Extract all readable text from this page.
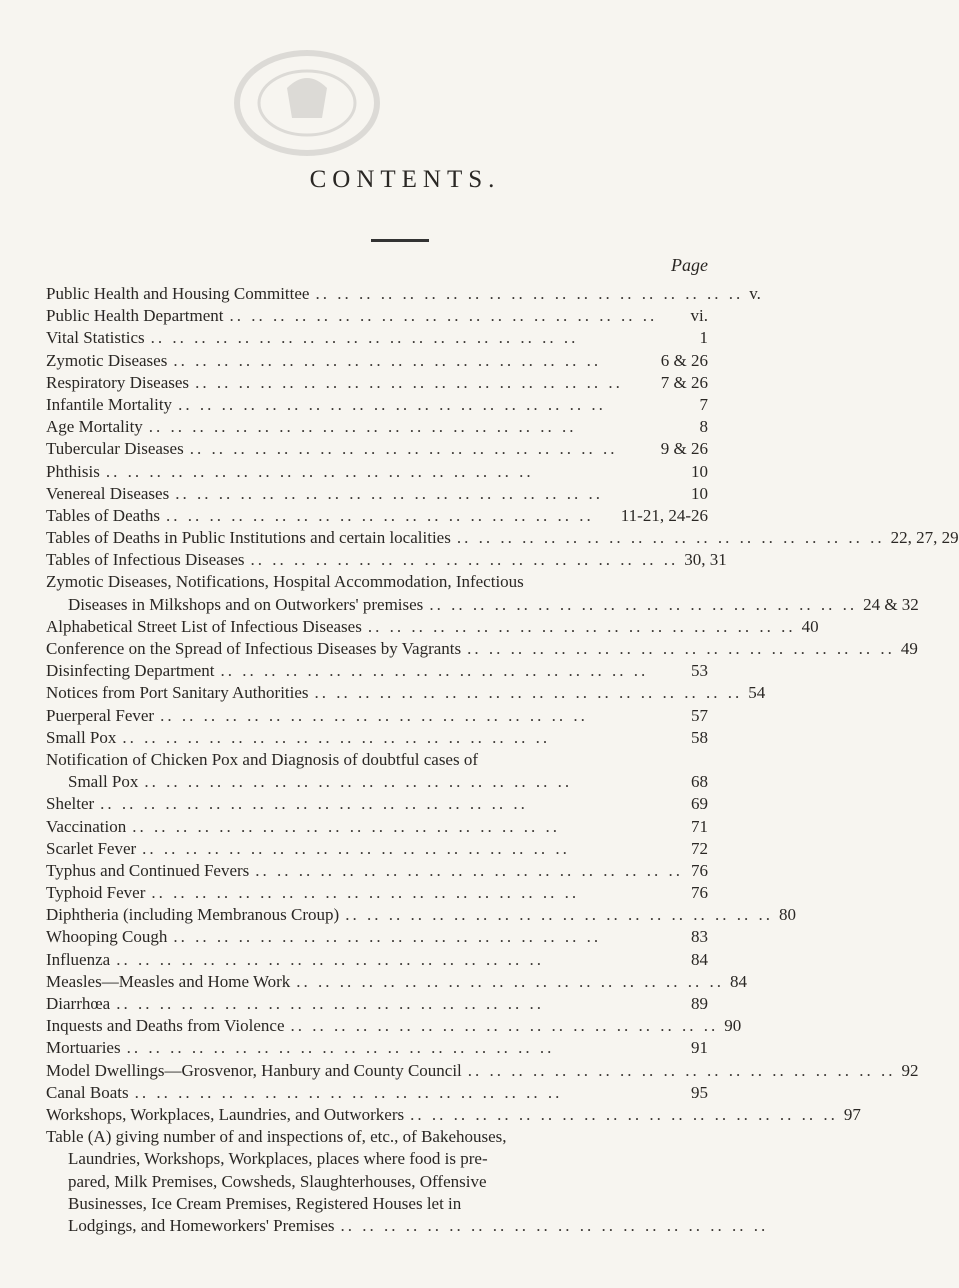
CONTENTS.
Page
Public Health and Housing Committee .. .. .. .. .. .. .. .. .. .. .. .. .. .. .. .. .. .. .. .. v.
Public Health Department .. .. .. .. .. .. .. .. .. .. .. .. .. .. .. .. .. .. .. ..	vi.
Vital Statistics .. .. .. .. .. .. .. .. .. .. .. .. .. .. .. .. .. .. .. ..	1
Zymotic Diseases .. .. .. .. .. .. .. .. .. .. .. .. .. .. .. .. .. .. .. ..	6 & 26
Respiratory Diseases .. .. .. .. .. .. .. .. .. .. .. .. .. .. .. .. .. .. .. ..	7 & 26
Infantile Mortality .. .. .. .. .. .. .. .. .. .. .. .. .. .. .. .. .. .. .. ..	7
Age Mortality .. .. .. .. .. .. .. .. .. .. .. .. .. .. .. .. .. .. .. ..	8
Tubercular Diseases .. .. .. .. .. .. .. .. .. .. .. .. .. .. .. .. .. .. .. ..	9 & 26
Phthisis .. .. .. .. .. .. .. .. .. .. .. .. .. .. .. .. .. .. .. ..	10
Venereal Diseases .. .. .. .. .. .. .. .. .. .. .. .. .. .. .. .. .. .. .. ..	10
Tables of Deaths .. .. .. .. .. .. .. .. .. .. .. .. .. .. .. .. .. .. .. ..	11-21, 24-26
Tables of Deaths in Public Institutions and certain localities .. .. .. .. .. .. .. .. .. .. .. .. .. .. .. .. .. .. .. .. 22, 27, 29
Tables of Infectious Diseases .. .. .. .. .. .. .. .. .. .. .. .. .. .. .. .. .. .. .. .. 30, 31
Zymotic Diseases, Notifications, Hospital Accommodation, Infectious
Diseases in Milkshops and on Outworkers' premises .. .. .. .. .. .. .. .. .. .. .. .. .. .. .. .. .. .. .. .. 24 & 32
Alphabetical Street List of Infectious Diseases .. .. .. .. .. .. .. .. .. .. .. .. .. .. .. .. .. .. .. .. 40
Conference on the Spread of Infectious Diseases by Vagrants .. .. .. .. .. .. .. .. .. .. .. .. .. .. .. .. .. .. .. .. 49
Disinfecting Department .. .. .. .. .. .. .. .. .. .. .. .. .. .. .. .. .. .. .. ..	53
Notices from Port Sanitary Authorities .. .. .. .. .. .. .. .. .. .. .. .. .. .. .. .. .. .. .. .. 54
Puerperal Fever .. .. .. .. .. .. .. .. .. .. .. .. .. .. .. .. .. .. .. ..	57
Small Pox .. .. .. .. .. .. .. .. .. .. .. .. .. .. .. .. .. .. .. ..	58
Notification of Chicken Pox and Diagnosis of doubtful cases of
Small Pox .. .. .. .. .. .. .. .. .. .. .. .. .. .. .. .. .. .. .. ..	68
Shelter .. .. .. .. .. .. .. .. .. .. .. .. .. .. .. .. .. .. .. ..	69
Vaccination .. .. .. .. .. .. .. .. .. .. .. .. .. .. .. .. .. .. .. ..	71
Scarlet Fever .. .. .. .. .. .. .. .. .. .. .. .. .. .. .. .. .. .. .. ..	72
Typhus and Continued Fevers .. .. .. .. .. .. .. .. .. .. .. .. .. .. .. .. .. .. .. .. 76
Typhoid Fever .. .. .. .. .. .. .. .. .. .. .. .. .. .. .. .. .. .. .. ..	76
Diphtheria (including Membranous Croup) .. .. .. .. .. .. .. .. .. .. .. .. .. .. .. .. .. .. .. .. 80
Whooping Cough .. .. .. .. .. .. .. .. .. .. .. .. .. .. .. .. .. .. .. ..	83
Influenza .. .. .. .. .. .. .. .. .. .. .. .. .. .. .. .. .. .. .. ..	84
Measles—Measles and Home Work .. .. .. .. .. .. .. .. .. .. .. .. .. .. .. .. .. .. .. .. 84
Diarrhœa .. .. .. .. .. .. .. .. .. .. .. .. .. .. .. .. .. .. .. ..	89
Inquests and Deaths from Violence .. .. .. .. .. .. .. .. .. .. .. .. .. .. .. .. .. .. .. .. 90
Mortuaries .. .. .. .. .. .. .. .. .. .. .. .. .. .. .. .. .. .. .. ..	91
Model Dwellings—Grosvenor, Hanbury and County Council .. .. .. .. .. .. .. .. .. .. .. .. .. .. .. .. .. .. .. .. 92
Canal Boats .. .. .. .. .. .. .. .. .. .. .. .. .. .. .. .. .. .. .. ..	95
Workshops, Workplaces, Laundries, and Outworkers .. .. .. .. .. .. .. .. .. .. .. .. .. .. .. .. .. .. .. .. 97
Table (A) giving number of and inspections of, etc., of Bakehouses,
Laundries, Workshops, Workplaces, places where food is pre-
pared, Milk Premises, Cowsheds, Slaughterhouses, Offensive
Businesses, Ice Cream Premises, Registered Houses let in
Lodgings, and Homeworkers' Premises .. .. .. .. .. .. .. .. .. .. .. .. .. .. .. .. .. .. .. ..
